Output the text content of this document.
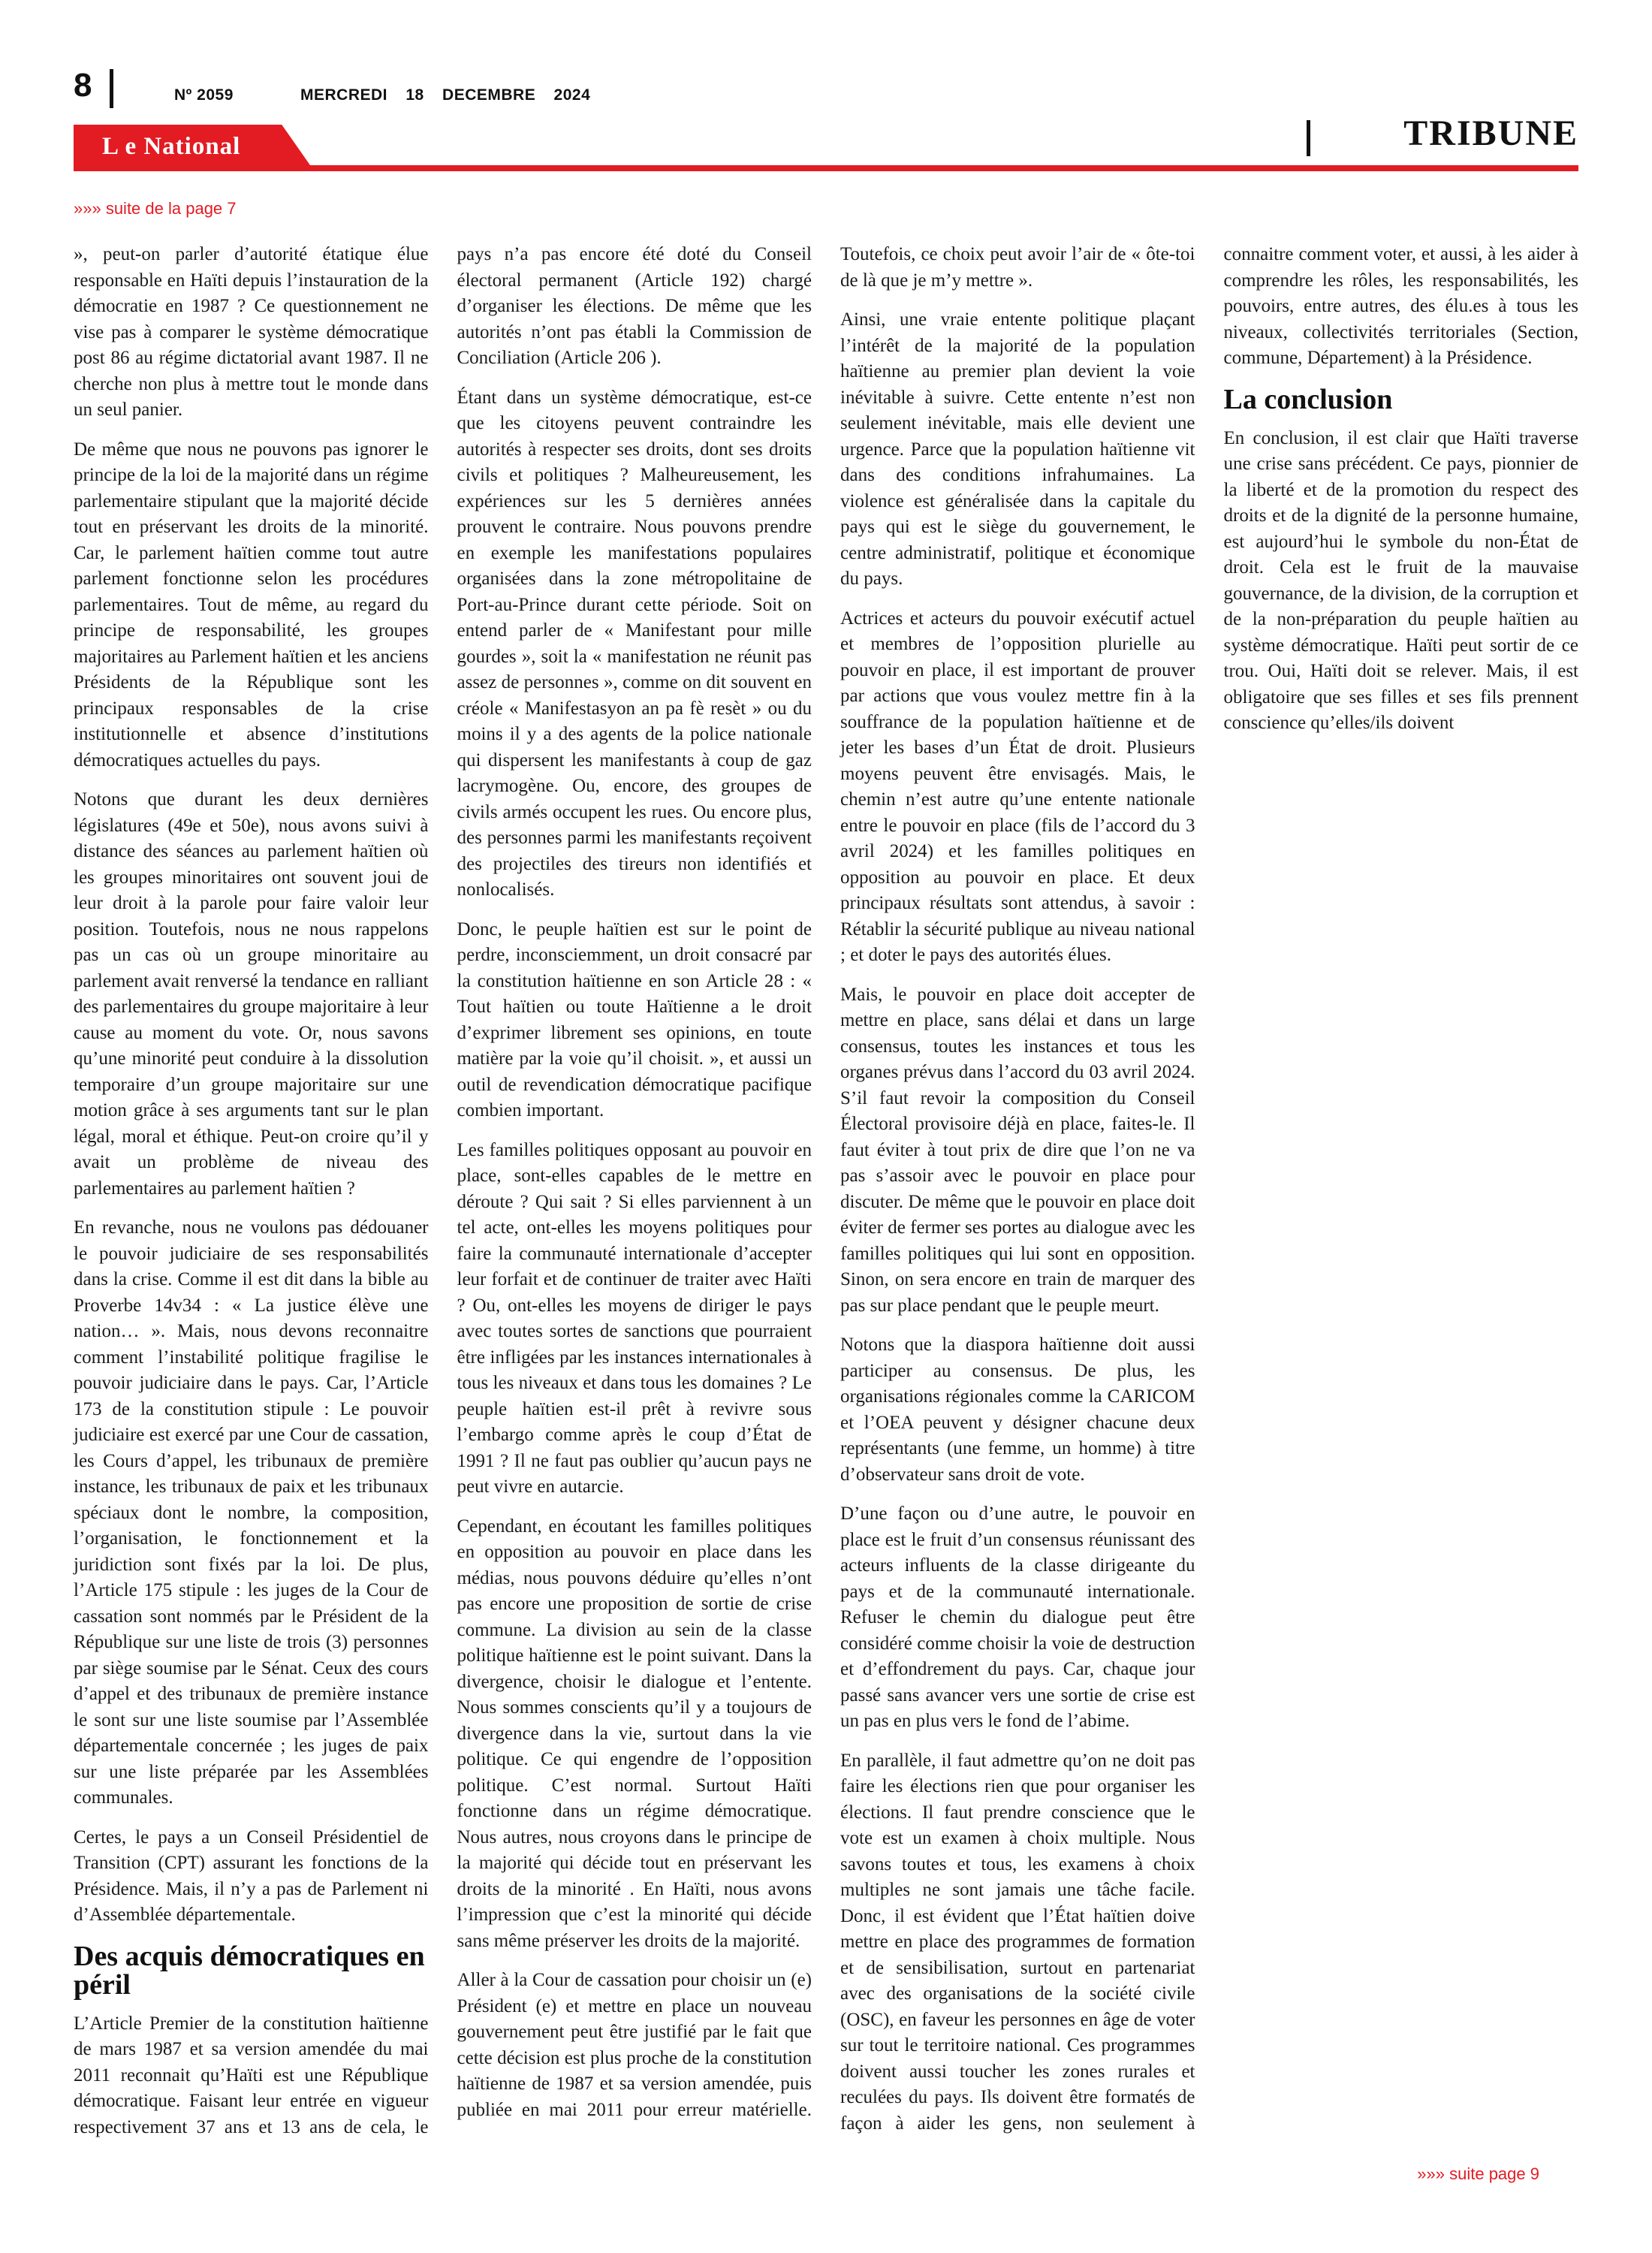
8	Nº 2059	MERCREDI 18 DECEMBRE 2024
L e National	TRIBUNE
»»» suite de la page 7

», peut-on parler d’autorité étatique élue responsable en Haïti depuis l’instauration de la démocratie en 1987 ? Ce questionnement ne vise pas à comparer le système démocratique post 86 au régime dictatorial avant 1987. Il ne cherche non plus à mettre tout le monde dans un seul panier.

De même que nous ne pouvons pas ignorer le principe de la loi de la majorité dans un régime parlementaire stipulant que la majorité décide tout en préservant les droits de la minorité. Car, le parlement haïtien comme tout autre parlement fonctionne selon les procédures parlementaires. Tout de même, au regard du principe de responsabilité, les groupes majoritaires au Parlement haïtien et les anciens Présidents de la République sont les principaux responsables de la crise institutionnelle et absence d’institutions démocratiques actuelles du pays.

Notons que durant les deux dernières législatures (49e et 50e), nous avons suivi à distance des séances au parlement haïtien où les groupes minoritaires ont souvent joui de leur droit à la parole pour faire valoir leur position. Toutefois, nous ne nous rappelons pas un cas où un groupe minoritaire au parlement avait renversé la tendance en ralliant des parlementaires du groupe majoritaire à leur cause au moment du vote. Or, nous savons qu’une minorité peut conduire à la dissolution temporaire d’un groupe majoritaire sur une motion grâce à ses arguments tant sur le plan légal, moral et éthique. Peut-on croire qu’il y avait un problème de niveau des parlementaires au parlement haïtien ?

En revanche, nous ne voulons pas dédouaner le pouvoir judiciaire de ses responsabilités dans la crise. Comme il est dit dans la bible au Proverbe 14v34 : « La justice élève une nation… ». Mais, nous devons reconnaitre comment l’instabilité politique fragilise le pouvoir judiciaire dans le pays. Car, l’Article 173 de la constitution stipule : Le pouvoir judiciaire est exercé par une Cour de cassation, les Cours d’appel, les tribunaux de première instance, les tribunaux de paix et les tribunaux spéciaux dont le nombre, la composition, l’organisation, le fonctionnement et la juridiction sont fixés par la loi. De plus, l’Article 175 stipule : les juges de la Cour de cassation sont nommés par le Président de la République sur une liste de trois (3) personnes par siège soumise par le Sénat. Ceux des cours d’appel et des tribunaux de première instance le sont sur une liste soumise par l’Assemblée départementale concernée ; les juges de paix sur une liste préparée par les Assemblées communales.

Certes, le pays a un Conseil Présidentiel de Transition (CPT) assurant les fonctions de la Présidence. Mais, il n’y a pas de Parlement ni d’Assemblée départementale.

Des acquis démocratiques en péril

L’Article Premier de la constitution haïtienne de mars 1987 et sa version amendée du mai 2011 reconnait qu’Haïti est une République démocratique. Faisant leur entrée en vigueur respectivement 37 ans et 13 ans de cela, le pays n’a pas encore été doté du Conseil électoral permanent (Article 192) chargé d’organiser les élections. De même que les autorités n’ont pas établi la Commission de Conciliation (Article 206 ).

Étant dans un système démocratique, est-ce que les citoyens peuvent contraindre les autorités à respecter ses droits, dont ses droits civils et politiques ? Malheureusement, les expériences sur les 5 dernières années prouvent le contraire. Nous pouvons prendre en exemple les manifestations populaires organisées dans la zone métropolitaine de Port-au-Prince durant cette période. Soit on entend parler de « Manifestant pour mille gourdes », soit la « manifestation ne réunit pas assez de personnes », comme on dit souvent en créole « Manifestasyon an pa fè resèt » ou du moins il y a des agents de la police nationale qui dispersent les manifestants à coup de gaz lacrymogène. Ou, encore, des groupes de civils armés occupent les rues. Ou encore plus, des personnes parmi les manifestants reçoivent des projectiles des tireurs non identifiés et nonlocalisés.

Donc, le peuple haïtien est sur le point de perdre, inconsciemment, un droit consacré par la constitution haïtienne en son Article 28 : « Tout haïtien ou toute Haïtienne a le droit d’exprimer librement ses opinions, en toute matière par la voie qu’il choisit. », et aussi un outil de revendication démocratique pacifique combien important.

Les familles politiques opposant au pouvoir en place, sont-elles capables de le mettre en déroute ? Qui sait ? Si elles parviennent à un tel acte, ont-elles les moyens politiques pour faire la communauté internationale d’accepter leur forfait et de continuer de traiter avec Haïti ? Ou, ont-elles les moyens de diriger le pays avec toutes sortes de sanctions que pourraient être infligées par les instances internationales à tous les niveaux et dans tous les domaines ? Le peuple haïtien est-il prêt à revivre sous l’embargo comme après le coup d’État de 1991 ? Il ne faut pas oublier qu’aucun pays ne peut vivre en autarcie.

Cependant, en écoutant les familles politiques en opposition au pouvoir en place dans les médias, nous pouvons déduire qu’elles n’ont pas encore une proposition de sortie de crise commune. La division au sein de la classe politique haïtienne est le point suivant. Dans la divergence, choisir le dialogue et l’entente. Nous sommes conscients qu’il y a toujours de divergence dans la vie, surtout dans la vie politique. Ce qui engendre de l’opposition politique. C’est normal. Surtout Haïti fonctionne dans un régime démocratique. Nous autres, nous croyons dans le principe de la majorité qui décide tout en préservant les droits de la minorité . En Haïti, nous avons l’impression que c’est la minorité qui décide sans même préserver les droits de la majorité.

Aller à la Cour de cassation pour choisir un (e) Président (e) et mettre en place un nouveau gouvernement peut être justifié par le fait que cette décision est plus proche de la constitution haïtienne de 1987 et sa version amendée, puis publiée en mai 2011 pour erreur matérielle. Toutefois, ce choix peut avoir l’air de « ôte-toi de là que je m’y mettre ».

Ainsi, une vraie entente politique plaçant l’intérêt de la majorité de la population haïtienne au premier plan devient la voie inévitable à suivre. Cette entente n’est non seulement inévitable, mais elle devient une urgence. Parce que la population haïtienne vit dans des conditions infrahumaines. La violence est généralisée dans la capitale du pays qui est le siège du gouvernement, le centre administratif, politique et économique du pays.

Actrices et acteurs du pouvoir exécutif actuel et membres de l’opposition plurielle au pouvoir en place, il est important de prouver par actions que vous voulez mettre fin à la souffrance de la population haïtienne et de jeter les bases d’un État de droit. Plusieurs moyens peuvent être envisagés. Mais, le chemin n’est autre qu’une entente nationale entre le pouvoir en place (fils de l’accord du 3 avril 2024) et les familles politiques en opposition au pouvoir en place. Et deux principaux résultats sont attendus, à savoir : Rétablir la sécurité publique au niveau national ; et doter le pays des autorités élues.

Mais, le pouvoir en place doit accepter de mettre en place, sans délai et dans un large consensus, toutes les instances et tous les organes prévus dans l’accord du 03 avril 2024. S’il faut revoir la composition du Conseil Électoral provisoire déjà en place, faites-le. Il faut éviter à tout prix de dire que l’on ne va pas s’assoir avec le pouvoir en place pour discuter. De même que le pouvoir en place doit éviter de fermer ses portes au dialogue avec les familles politiques qui lui sont en opposition. Sinon, on sera encore en train de marquer des pas sur place pendant que le peuple meurt.

Notons que la diaspora haïtienne doit aussi participer au consensus. De plus, les organisations régionales comme la CARICOM et l’OEA peuvent y désigner chacune deux représentants (une femme, un homme) à titre d’observateur sans droit de vote.

D’une façon ou d’une autre, le pouvoir en place est le fruit d’un consensus réunissant des acteurs influents de la classe dirigeante du pays et de la communauté internationale. Refuser le chemin du dialogue peut être considéré comme choisir la voie de destruction et d’effondrement du pays. Car, chaque jour passé sans avancer vers une sortie de crise est un pas en plus vers le fond de l’abime.

En parallèle, il faut admettre qu’on ne doit pas faire les élections rien que pour organiser les élections. Il faut prendre conscience que le vote est un examen à choix multiple. Nous savons toutes et tous, les examens à choix multiples ne sont jamais une tâche facile. Donc, il est évident que l’État haïtien doive mettre en place des programmes de formation et de sensibilisation, surtout en partenariat avec des organisations de la société civile (OSC), en faveur les personnes en âge de voter sur tout le territoire national. Ces programmes doivent aussi toucher les zones rurales et reculées du pays. Ils doivent être formatés de façon à aider les gens, non seulement à connaitre comment voter, et aussi, à les aider à comprendre les rôles, les responsabilités, les pouvoirs, entre autres, des élu.es à tous les niveaux, collectivités territoriales (Section, commune, Département) à la Présidence.

La conclusion

En conclusion, il est clair que Haïti traverse une crise sans précédent. Ce pays, pionnier de la liberté et de la promotion du respect des droits et de la dignité de la personne humaine, est aujourd’hui le symbole du non-État de droit. Cela est le fruit de la mauvaise gouvernance, de la division, de la corruption et de la non-préparation du peuple haïtien au système démocratique. Haïti peut sortir de ce trou. Oui, Haïti doit se relever. Mais, il est obligatoire que ses filles et ses fils prennent conscience qu’elles/ils doivent

»»» suite page 9
